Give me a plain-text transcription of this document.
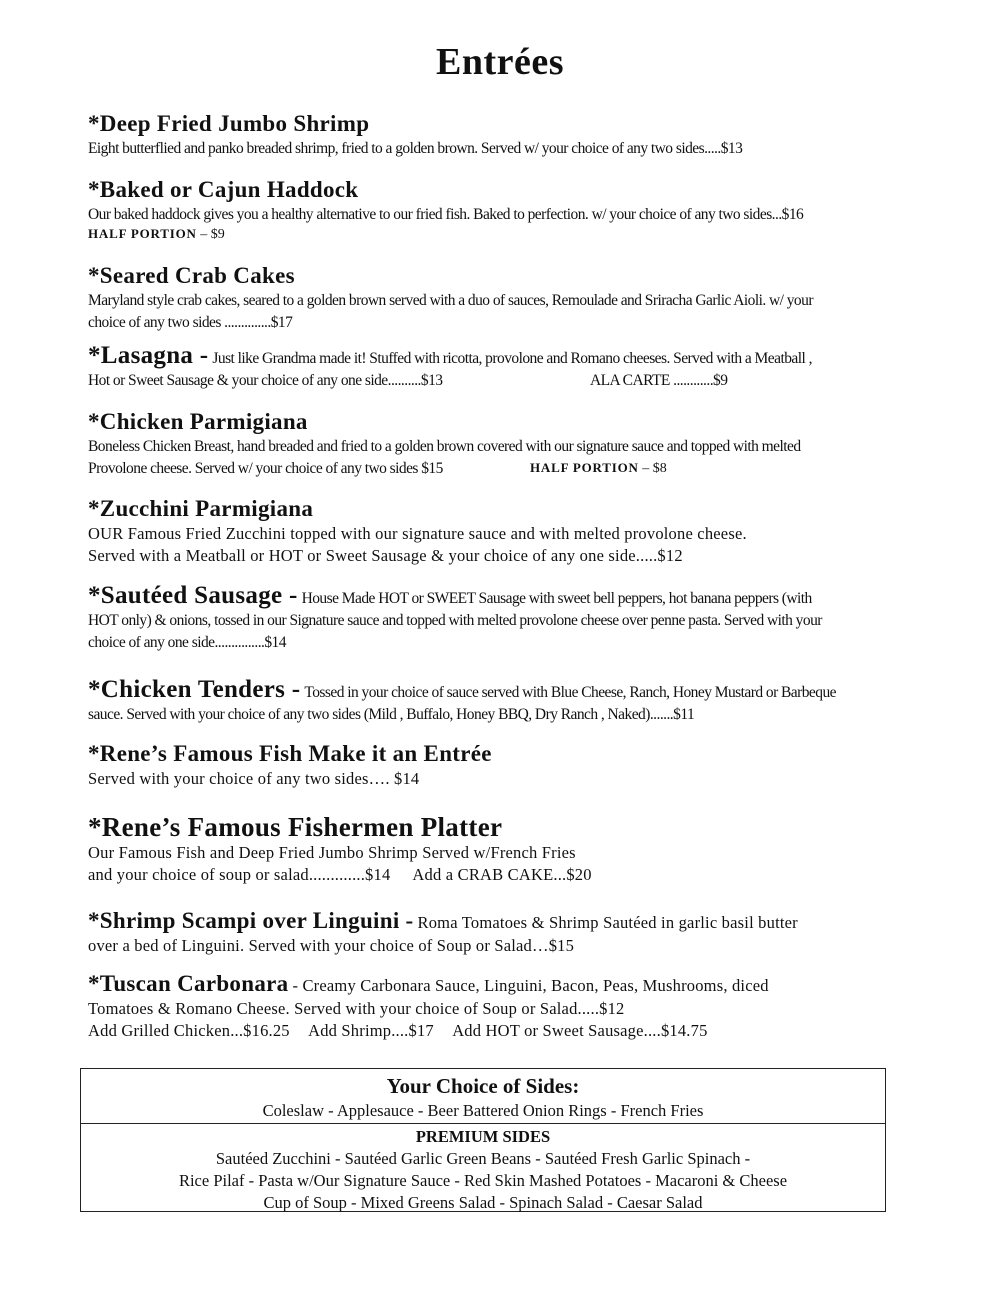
Entrées
*Deep Fried Jumbo Shrimp
Eight butterflied and panko breaded shrimp, fried to a golden brown. Served w/ your choice of any two sides.....$13
*Baked or Cajun Haddock
Our baked haddock gives you a healthy alternative to our fried fish. Baked to perfection. w/ your choice of any two sides...$16
HALF PORTION – $9
*Seared Crab Cakes
Maryland style crab cakes, seared to a golden brown served with a duo of sauces, Remoulade and Sriracha Garlic Aioli. w/ your
choice of any two sides ..............$17
*Lasagna - Just like Grandma made it! Stuffed with ricotta, provolone and Romano cheeses. Served with a Meatball ,
Hot or Sweet Sausage & your choice of any one side..........$13	ALA CARTE ............$9
*Chicken Parmigiana
Boneless Chicken Breast, hand breaded and fried to a golden brown covered with our signature sauce and topped with melted
Provolone cheese. Served w/ your choice of any two sides $15	HALF PORTION – $8
*Zucchini Parmigiana
OUR Famous Fried Zucchini topped with our signature sauce and with melted provolone cheese.
Served with a Meatball or HOT or Sweet Sausage & your choice of any one side.....$12
*Sautéed Sausage - House Made HOT or SWEET Sausage with sweet bell peppers, hot banana peppers (with
HOT only) & onions, tossed in our Signature sauce and topped with melted provolone cheese over penne pasta. Served with your
choice of any one side...............$14
*Chicken Tenders - Tossed in your choice of sauce served with Blue Cheese, Ranch, Honey Mustard or Barbeque
sauce. Served with your choice of any two sides (Mild , Buffalo, Honey BBQ, Dry Ranch , Naked).......$11
*Rene’s Famous Fish Make it an Entrée
Served with your choice of any two sides…. $14
*Rene’s Famous Fishermen Platter
Our Famous Fish and Deep Fried Jumbo Shrimp Served w/French Fries
and your choice of soup or salad.............$14 Add a CRAB CAKE...$20
*Shrimp Scampi over Linguini - Roma Tomatoes & Shrimp Sautéed in garlic basil butter
over a bed of Linguini. Served with your choice of Soup or Salad…$15
*Tuscan Carbonara - Creamy Carbonara Sauce, Linguini, Bacon, Peas, Mushrooms, diced
Tomatoes & Romano Cheese. Served with your choice of Soup or Salad.....$12
Add Grilled Chicken...$16.25 Add Shrimp....$17 Add HOT or Sweet Sausage....$14.75
Your Choice of Sides:
Coleslaw - Applesauce - Beer Battered Onion Rings - French Fries
PREMIUM SIDES
Sautéed Zucchini - Sautéed Garlic Green Beans - Sautéed Fresh Garlic Spinach -
Rice Pilaf - Pasta w/Our Signature Sauce - Red Skin Mashed Potatoes - Macaroni & Cheese
Cup of Soup - Mixed Greens Salad - Spinach Salad - Caesar Salad
